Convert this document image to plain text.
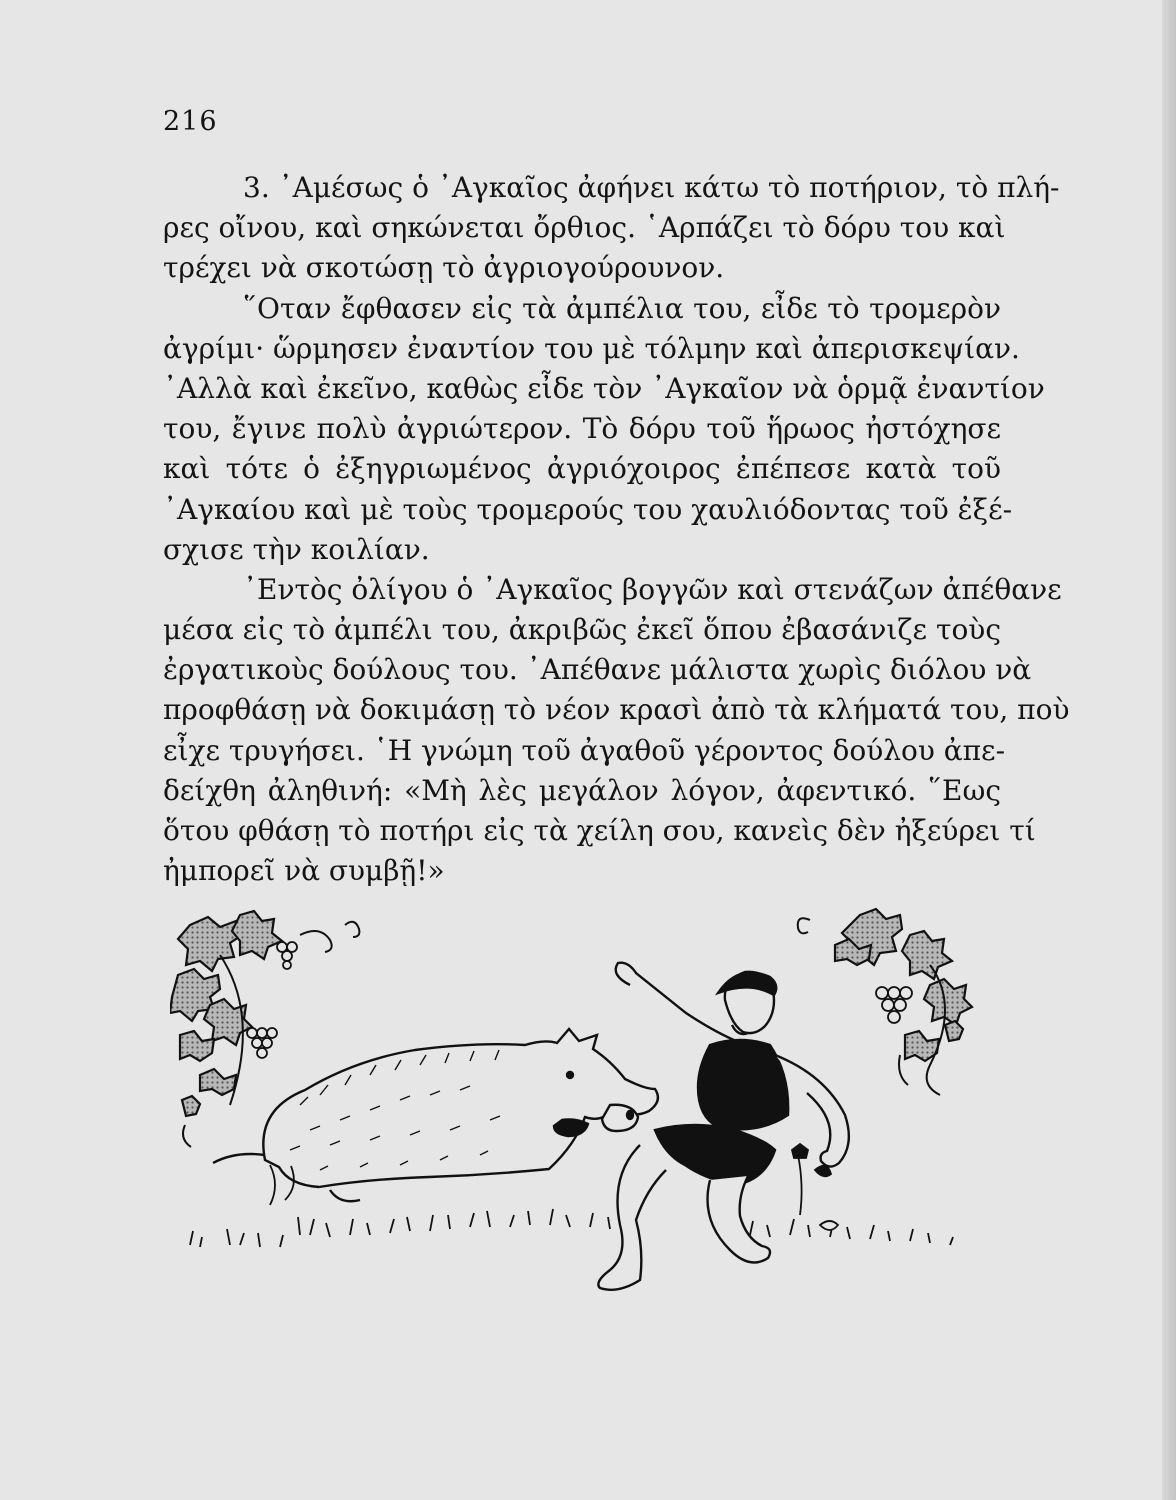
216
3. ᾿Αμέσως ὁ ᾿Αγκαῖος ἀφήνει κάτω τὸ ποτήριον, τὸ πλή-
ρες οἴνου, καὶ σηκώνεται ὄρθιος. ῾Αρπάζει τὸ δόρυ του καὶ
τρέχει νὰ σκοτώσῃ τὸ ἀγριογούρουνον.
῞Οταν ἔφθασεν εἰς τὰ ἀμπέλια του, εἶδε τὸ τρομερὸν
ἀγρίμι· ὥρμησεν ἐναντίον του μὲ τόλμην καὶ ἀπερισκεψίαν.
᾿Αλλὰ καὶ ἐκεῖνο, καθὼς εἶδε τὸν ᾿Αγκαῖον νὰ ὁρμᾷ ἐναντίον
του, ἔγινε πολὺ ἀγριώτερον. Τὸ δόρυ τοῦ ἥρωος ἠστόχησε
καὶ τότε ὁ ἐξηγριωμένος ἀγριόχοιρος ἐπέπεσε κατὰ τοῦ
᾿Αγκαίου καὶ μὲ τοὺς τρομερούς του χαυλιόδοντας τοῦ ἐξέ-
σχισε τὴν κοιλίαν.
᾿Εντὸς ὀλίγου ὁ ᾿Αγκαῖος βογγῶν καὶ στενάζων ἀπέθανε
μέσα εἰς τὸ ἀμπέλι του, ἀκριβῶς ἐκεῖ ὅπου ἐβασάνιζε τοὺς
ἐργατικοὺς δούλους του. ᾿Απέθανε μάλιστα χωρὶς διόλου νὰ
προφθάσῃ νὰ δοκιμάσῃ τὸ νέον κρασὶ ἀπὸ τὰ κλήματά του, ποὺ
εἶχε τρυγήσει. ῾Η γνώμη τοῦ ἀγαθοῦ γέροντος δούλου ἀπε-
δείχθη ἀληθινή: «Μὴ λὲς μεγάλον λόγον, ἀφεντικό. ῞Εως
ὅτου φθάσῃ τὸ ποτήρι εἰς τὰ χείλη σου, κανεὶς δὲν ἠξεύρει τί
ἠμπορεῖ νὰ συμβῇ!»
